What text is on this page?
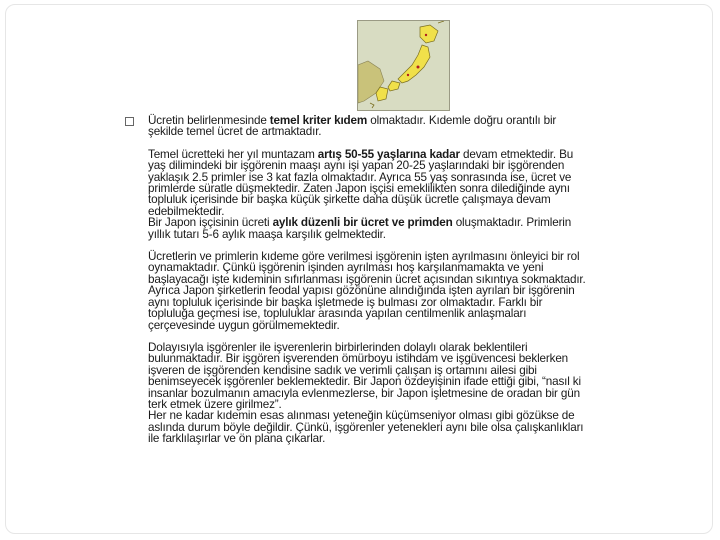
Ücretin belirlenmesinde temel kriter kıdem olmaktadır. Kıdemle doğru orantılı bir
şekilde temel ücret de artmaktadır.

Temel ücretteki her yıl muntazam artış 50-55 yaşlarına kadar devam etmektedir. Bu
yaş dilimindeki bir işgörenin maaşı aynı işi yapan 20-25 yaşlarındaki bir işgörenden
yaklaşık 2.5 primler ise 3 kat fazla olmaktadır. Ayrıca 55 yaş sonrasında ise, ücret ve
primlerde süratle düşmektedir. Zaten Japon işçisi emeklilikten sonra dilediğinde aynı
topluluk içerisinde bir başka küçük şirkette daha düşük ücretle çalışmaya devam
edebilmektedir.

Bir Japon işçisinin ücreti aylık düzenli bir ücret ve primden oluşmaktadır. Primlerin
yıllık tutarı 5-6 aylık maaşa karşılık gelmektedir.

Ücretlerin ve primlerin kıdeme göre verilmesi işgörenin işten ayrılmasını önleyici bir rol
oynamaktadır. Çünkü işgörenin işinden ayrılması hoş karşılanmamakta ve yeni
başlayacağı işte kıdeminin sıfırlanması işgörenin ücret açısından sıkıntıya sokmaktadır.
Ayrıca Japon şirketlerin feodal yapısı gözönüne alındığında işten ayrılan bir işgörenin
aynı topluluk içerisinde bir başka işletmede iş bulması zor olmaktadır. Farklı bir
topluluğa geçmesi ise, topluluklar arasında yapılan centilmenlik anlaşmaları
çerçevesinde uygun görülmemektedir.

Dolayısıyla işgörenler ile işverenlerin birbirlerinden dolaylı olarak beklentileri
bulunmaktadır. Bir işgören işverenden ömürboyu istihdam ve işgüvencesi beklerken
işveren de işgörenden kendisine sadık ve verimli çalışan iş ortamını ailesi gibi
benimseyecek işgörenler beklemektedir. Bir Japon özdeyişinin ifade ettiği gibi, “nasıl ki
insanlar bozulmanın amacıyla evlenmezlerse, bir Japon işletmesine de oradan bir gün
terk etmek üzere girilmez”.

Her ne kadar kıdemin esas alınması yeteneğin küçümseniyor olması gibi gözükse de
aslında durum böyle değildir. Çünkü, işgörenler yetenekleri aynı bile olsa çalışkanlıkları
ile farklılaşırlar ve ön plana çıkarlar.
